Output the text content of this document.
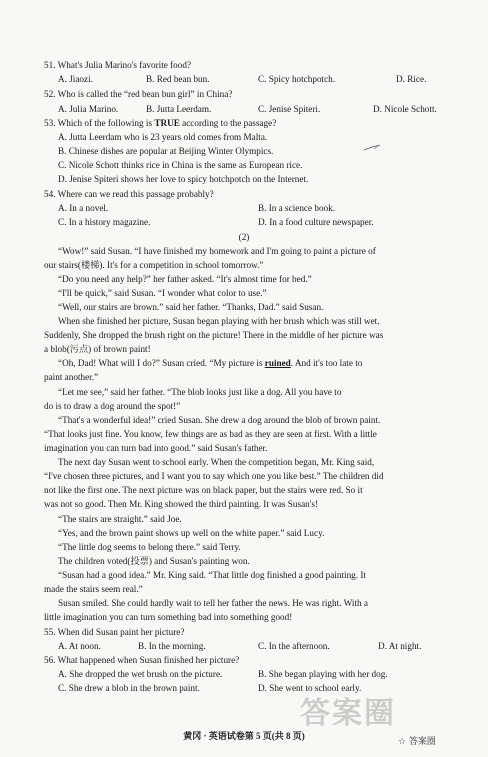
51. What's Julia Marino's favorite food?
A. Jiaozi.	B. Red bean bun.	C. Spicy hotchpotch.	D. Rice.
52. Who is called the “red bean bun girl” in China?
A. Julia Marino.	B. Jutta Leerdam.	C. Jenise Spiteri.	D. Nicole Schott.
53. Which of the following is TRUE according to the passage?
A. Jutta Leerdam who is 23 years old comes from Malta.
B. Chinese dishes are popular at Beijing Winter Olympics.
C. Nicole Schott thinks rice in China is the same as European rice.
D. Jenise Spiteri shows her love to spicy hotchpotch on the Internet.
54. Where can we read this passage probably?
A. In a novel.	B. In a science book.
C. In a history magazine.	D. In a food culture newspaper.
(2)
“Wow!” said Susan. “I have finished my homework and I'm going to paint a picture of
our stairs(楼梯). It's for a competition in school tomorrow.”
“Do you need any help?” her father asked. “It's almost time for bed.”
“I'll be quick,” said Susan. “I wonder what color to use.”
“Well, our stairs are brown.” said her father. “Thanks, Dad.” said Susan.
When she finished her picture, Susan began playing with her brush which was still wet.
Suddenly, She dropped the brush right on the picture! There in the middle of her picture was
a blob(污点) of brown paint!
“Oh, Dad! What will I do?” Susan cried. “My picture is ruined. And it's too late to
paint another.”
“Let me see,” said her father. “The blob looks just like a dog. All you have to
do is to draw a dog around the spot!”
“That's a wonderful idea!” cried Susan. She drew a dog around the blob of brown paint.
“That looks just fine. You know, few things are as bad as they are seen at first. With a little
imagination you can turn bad into good.” said Susan's father.
The next day Susan went to school early. When the competition began, Mr. King said,
“I've chosen three pictures, and I want you to say which one you like best.” The children did
not like the first one. The next picture was on black paper, but the stairs were red. So it
was not so good. Then Mr. King showed the third painting. It was Susan's!
“The stairs are straight.” said Joe.
“Yes, and the brown paint shows up well on the white paper.” said Lucy.
“The little dog seems to belong there.” said Terry.
The children voted(投票) and Susan's painting won.
“Susan had a good idea.” Mr. King said. “That little dog finished a good painting. It
made the stairs seem real.”
Susan smiled. She could hardly wait to tell her father the news. He was right. With a
little imagination you can turn something bad into something good!
55. When did Susan paint her picture?
A. At noon.	B. In the morning.	C. In the afternoon.	D. At night.
56. What happened when Susan finished her picture?
A. She dropped the wet brush on the picture.	B. She began playing with her dog.
C. She drew a blob in the brown paint.	D. She went to school early.
黄冈 · 英语试卷第 5 页(共 8 页)
答案圈
☆ 答案圈
